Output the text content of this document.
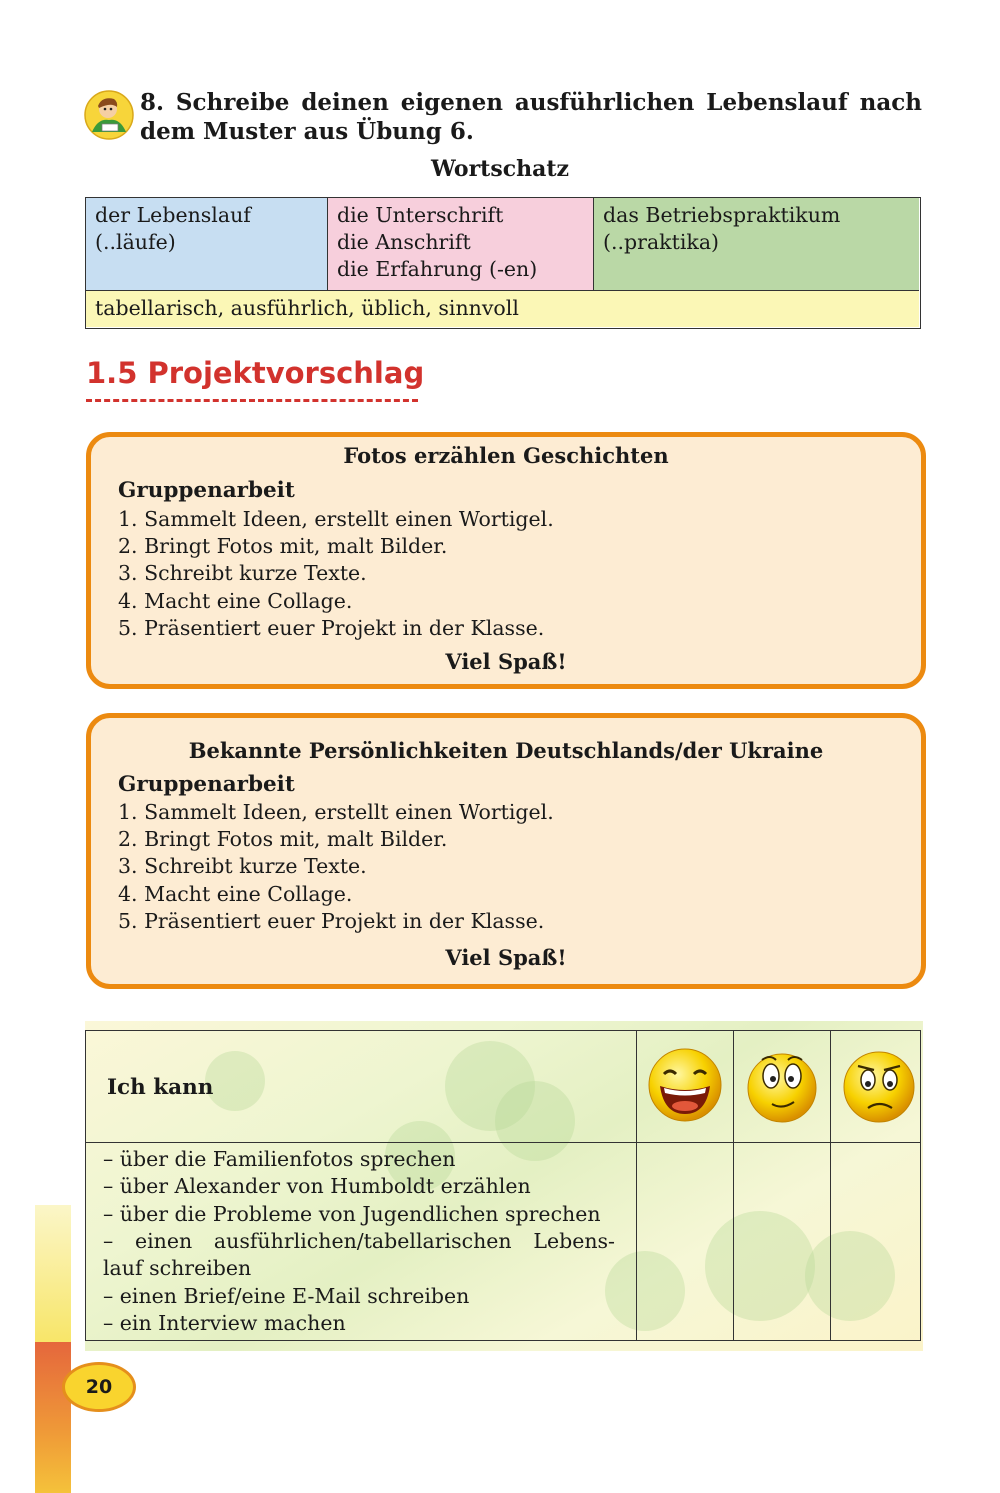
8. Schreibe deinen eigenen ausführlichen Lebenslauf nach dem Muster aus Übung 6.
Wortschatz
der Lebenslauf
(..läufe)
die Unterschrift
die Anschrift
die Erfahrung (-en)
das Betriebspraktikum
(..praktika)
tabellarisch, ausführlich, üblich, sinnvoll
1.5 Projektvorschlag
Fotos erzählen Geschichten
Gruppenarbeit
1. Sammelt Ideen, erstellt einen Wortigel.
2. Bringt Fotos mit, malt Bilder.
3. Schreibt kurze Texte.
4. Macht eine Collage.
5. Präsentiert euer Projekt in der Klasse.
Viel Spaß!
Bekannte Persönlichkeiten Deutschlands/der Ukraine
Gruppenarbeit
1. Sammelt Ideen, erstellt einen Wortigel.
2. Bringt Fotos mit, malt Bilder.
3. Schreibt kurze Texte.
4. Macht eine Collage.
5. Präsentiert euer Projekt in der Klasse.
Viel Spaß!
Ich kann
– über die Familienfotos sprechen
– über Alexander von Humboldt erzählen
– über die Probleme von Jugendlichen sprechen
– einen ausführlichen/tabellarischen Lebens-
lauf schreiben
– einen Brief/eine E-Mail schreiben
– ein Interview machen
20
